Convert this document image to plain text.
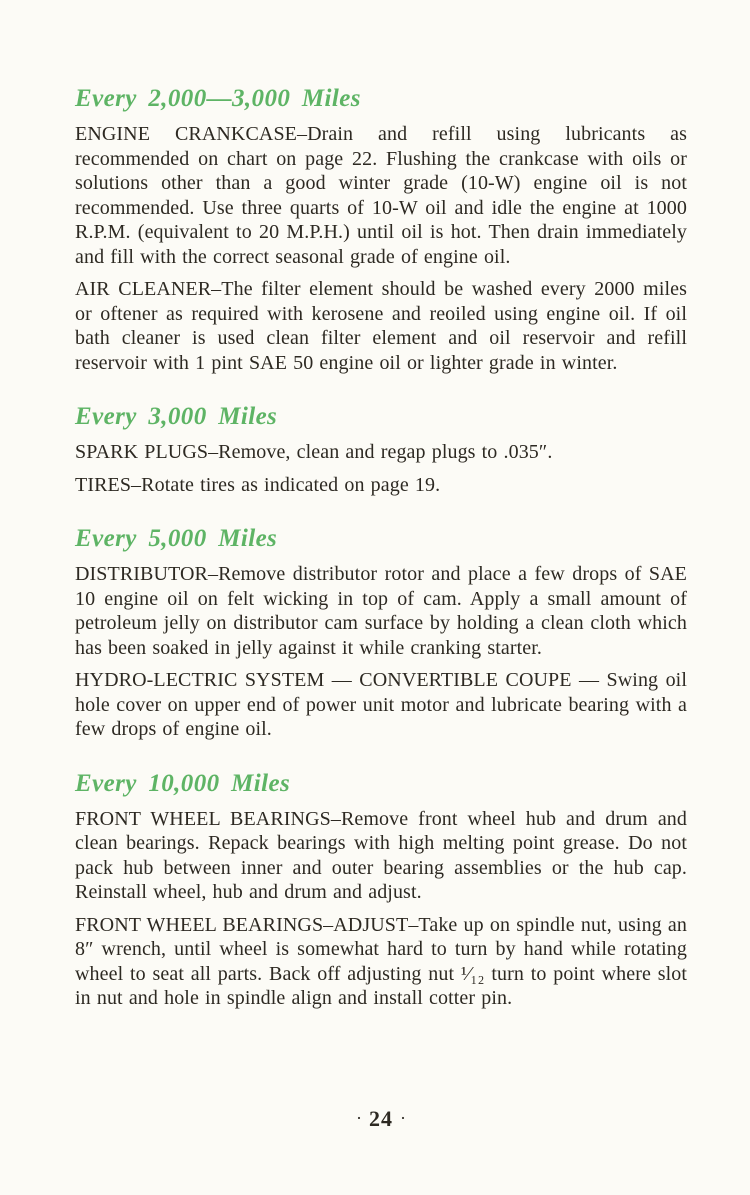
Every 2,000—3,000 Miles

ENGINE CRANKCASE–Drain and refill using lubricants as recommended on chart on page 22. Flushing the crankcase with oils or solutions other than a good winter grade (10-W) engine oil is not recommended. Use three quarts of 10-W oil and idle the engine at 1000 R.P.M. (equivalent to 20 M.P.H.) until oil is hot. Then drain immediately and fill with the correct seasonal grade of engine oil.

AIR CLEANER–The filter element should be washed every 2000 miles or oftener as required with kerosene and reoiled using engine oil. If oil bath cleaner is used clean filter element and oil reservoir and refill reservoir with 1 pint SAE 50 engine oil or lighter grade in winter.

Every 3,000 Miles

SPARK PLUGS–Remove, clean and regap plugs to .035″.

TIRES–Rotate tires as indicated on page 19.

Every 5,000 Miles

DISTRIBUTOR–Remove distributor rotor and place a few drops of SAE 10 engine oil on felt wicking in top of cam. Apply a small amount of petroleum jelly on distributor cam surface by holding a clean cloth which has been soaked in jelly against it while cranking starter.

HYDRO-LECTRIC SYSTEM — CONVERTIBLE COUPE — Swing oil hole cover on upper end of power unit motor and lubricate bearing with a few drops of engine oil.

Every 10,000 Miles

FRONT WHEEL BEARINGS–Remove front wheel hub and drum and clean bearings. Repack bearings with high melting point grease. Do not pack hub between inner and outer bearing assemblies or the hub cap. Reinstall wheel, hub and drum and adjust.

FRONT WHEEL BEARINGS–ADJUST–Take up on spindle nut, using an 8″ wrench, until wheel is somewhat hard to turn by hand while rotating wheel to seat all parts. Back off adjusting nut ¹⁄₁₂ turn to point where slot in nut and hole in spindle align and install cotter pin.

· 24 ·
